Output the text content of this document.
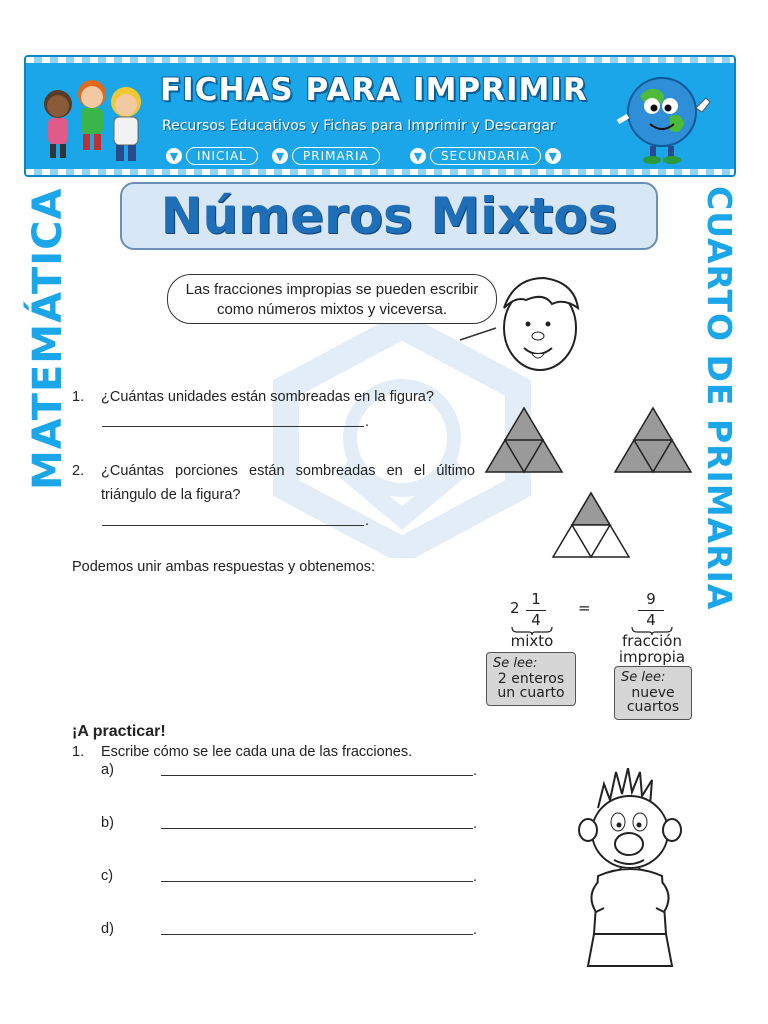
FICHAS PARA IMPRIMIR
Recursos Educativos y Fichas para Imprimir y Descargar
▼	INICIAL	▼	PRIMARIA	▼	SECUNDARIA	▼
MATEMÁTICA	CUARTO DE PRIMARIA
Números Mixtos
Las fracciones impropias se pueden escribir
como números mixtos y viceversa.
1. ¿Cuántas unidades están sombreadas en la figura?
.
2. ¿Cuántas porciones están sombreadas en el último
triángulo de la figura?
.
Podemos unir ambas respuestas y obtenemos:
2 1
4
mixto
=	9
4
fracción
impropia
Se lee:
2 enteros
un cuarto
Se lee:
nueve
cuartos
¡A practicar!
1. Escribe cómo se lee cada una de las fracciones.
a)	.
b)	.
c)	.
d)	.
